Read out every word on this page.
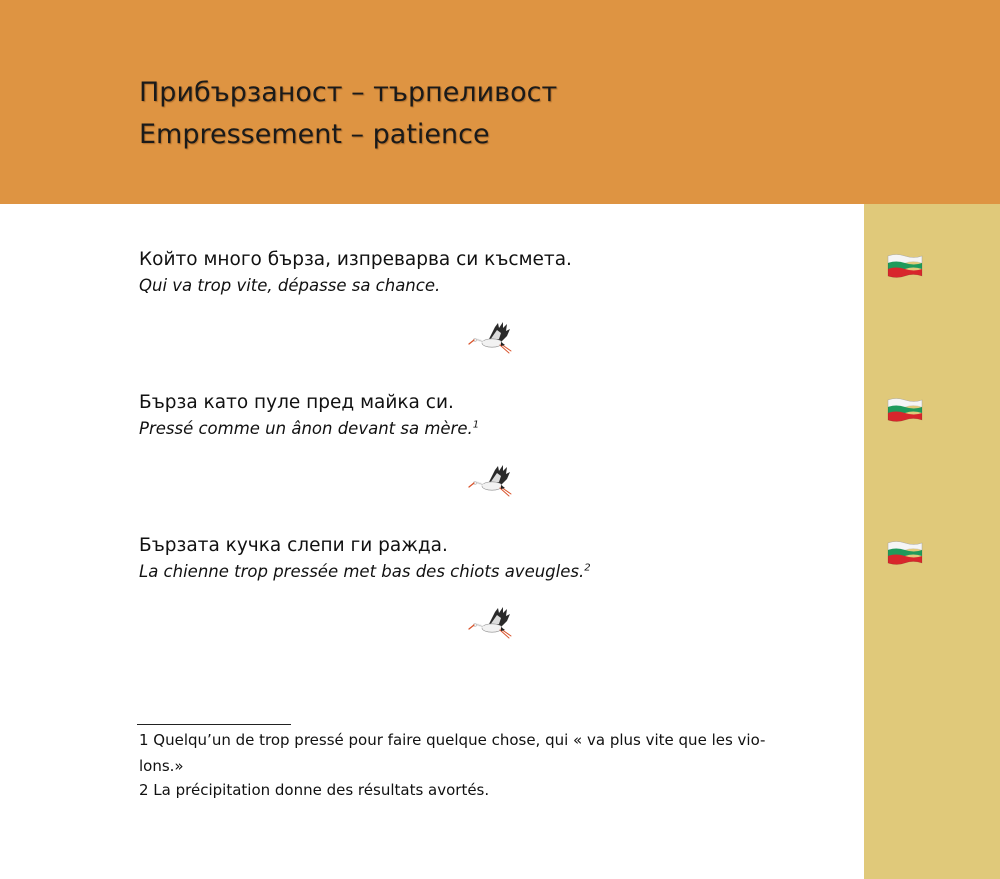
Прибързаност – търпеливост
Empressement – patience

Който много бърза, изпреварва си късмета.

Qui va trop vite, dépasse sa chance.

Бърза като пуле пред майка си.

Pressé comme un ânon devant sa mère.$^1$

Бързата кучка слепи ги ражда.

La chienne trop pressée met bas des chiots aveugles.$^2$

1 Quelqu’un de trop pressé pour faire quelque chose, qui « va plus vite que les vio-

lons.»

2 La précipitation donne des résultats avortés.
